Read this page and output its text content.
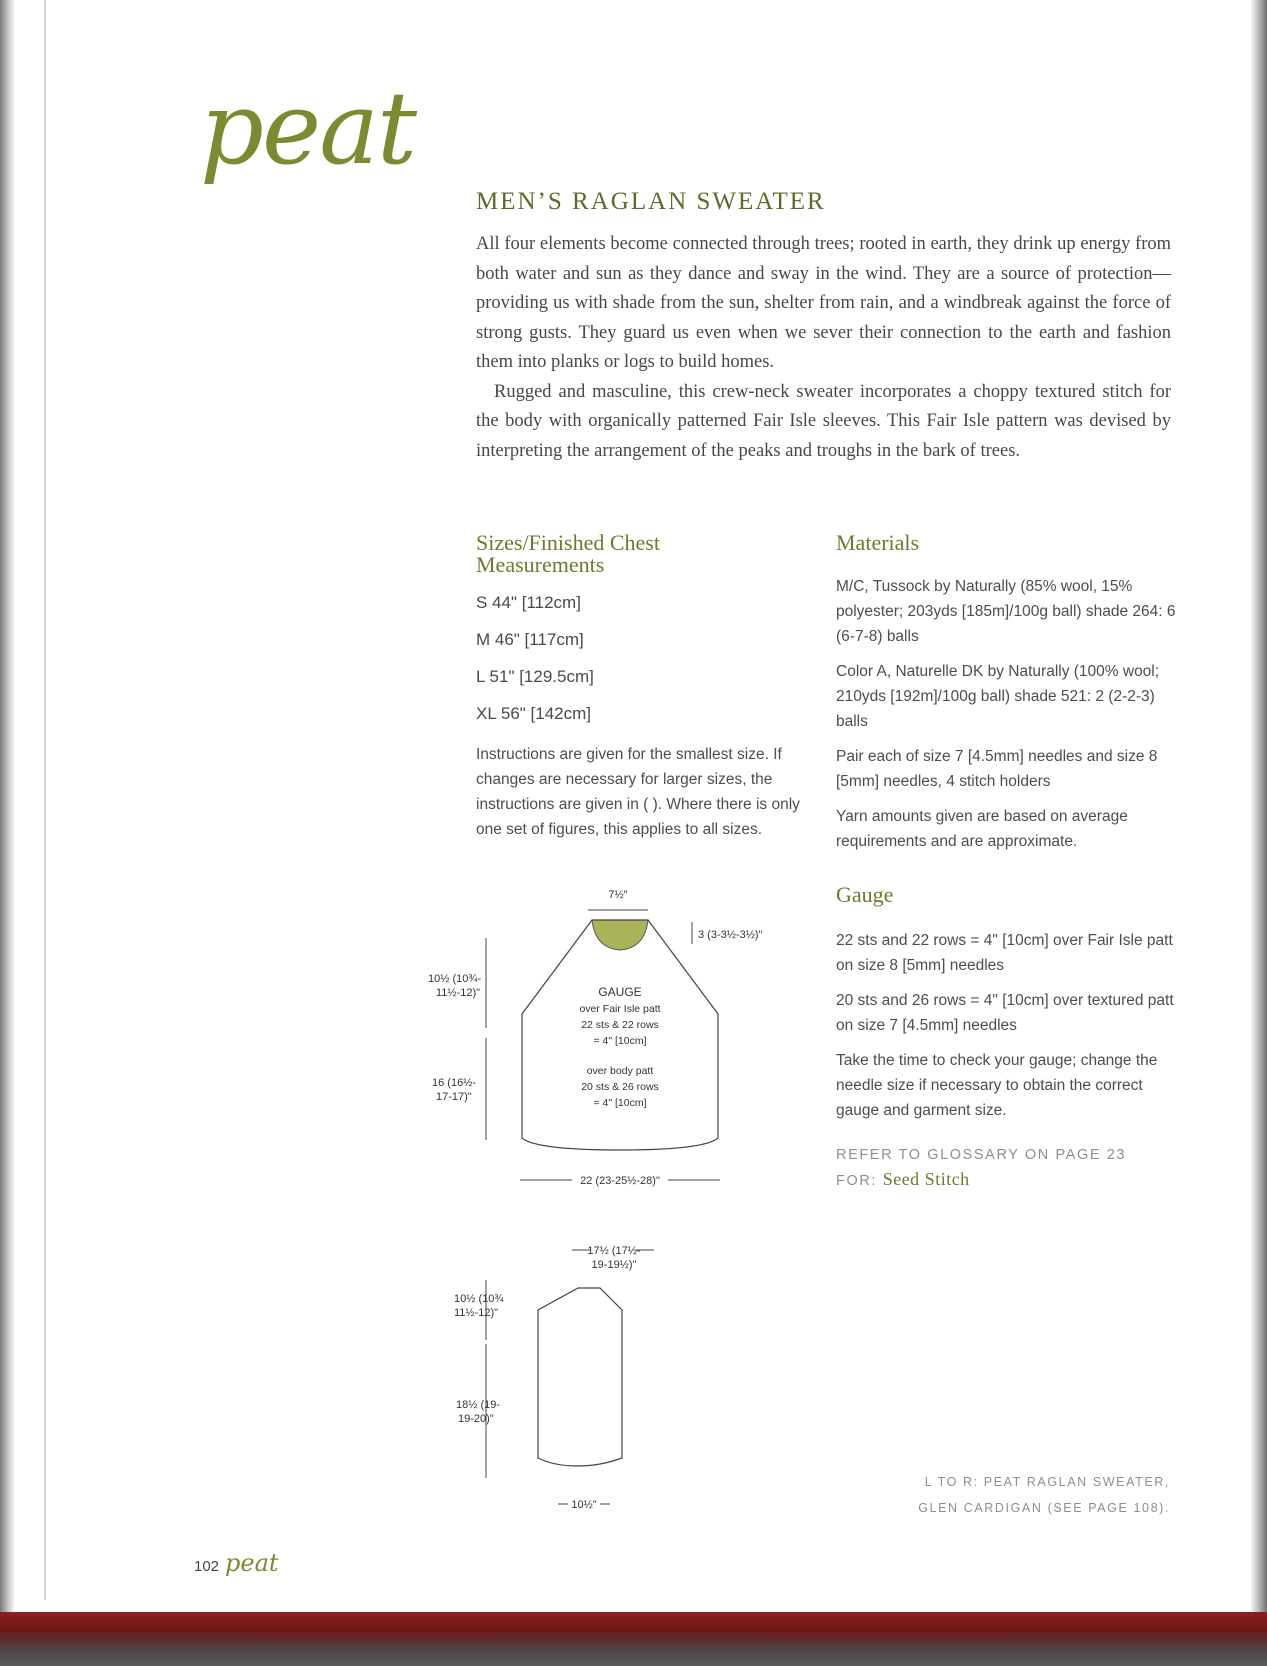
peat
MEN’S RAGLAN SWEATER

All four elements become connected through trees; rooted in earth, they drink up energy from both water and sun as they dance and sway in the wind. They are a source of protection—providing us with shade from the sun, shelter from rain, and a windbreak against the force of strong gusts. They guard us even when we sever their connection to the earth and fashion them into planks or logs to build homes.

Rugged and masculine, this crew-neck sweater incorporates a choppy textured stitch for the body with organically patterned Fair Isle sleeves. This Fair Isle pattern was devised by interpreting the arrangement of the peaks and troughs in the bark of trees.

Sizes/Finished Chest
Measurements
S 44" [112cm]
M 46" [117cm]
L 51" [129.5cm]
XL 56" [142cm]
Instructions are given for the smallest size. If changes are necessary for larger sizes, the instructions are given in ( ). Where there is only one set of figures, this applies to all sizes.
Materials
M/C, Tussock by Naturally (85% wool, 15% polyester; 203yds [185m]/100g ball) shade 264: 6 (6-7-8) balls
Color A, Naturelle DK by Naturally (100% wool; 210yds [192m]/100g ball) shade 521: 2 (2-2-3) balls
Pair each of size 7 [4.5mm] needles and size 8 [5mm] needles, 4 stitch holders
Yarn amounts given are based on average requirements and are approximate.
Gauge
22 sts and 22 rows = 4" [10cm] over Fair Isle patt on size 8 [5mm] needles
20 sts and 26 rows = 4" [10cm] over textured patt on size 7 [4.5mm] needles
Take the time to check your gauge; change the needle size if necessary to obtain the correct gauge and garment size.
REFER TO GLOSSARY ON PAGE 23
FOR: Seed Stitch
7½"
3 (3-3½-3½)"
10½ (10¾-
11½-12)"
16 (16½-
17-17)"
GAUGE
over Fair Isle patt
22 sts & 22 rows
= 4" [10cm]
over body patt
20 sts & 26 rows
= 4" [10cm]
22 (23-25½-28)"
17½ (17½-
19-19½)"
10½ (10¾
11½-12)"
18½ (19-
19-20)"
10½"
L TO R: PEAT RAGLAN SWEATER,
GLEN CARDIGAN (SEE PAGE 108).
102 peat
